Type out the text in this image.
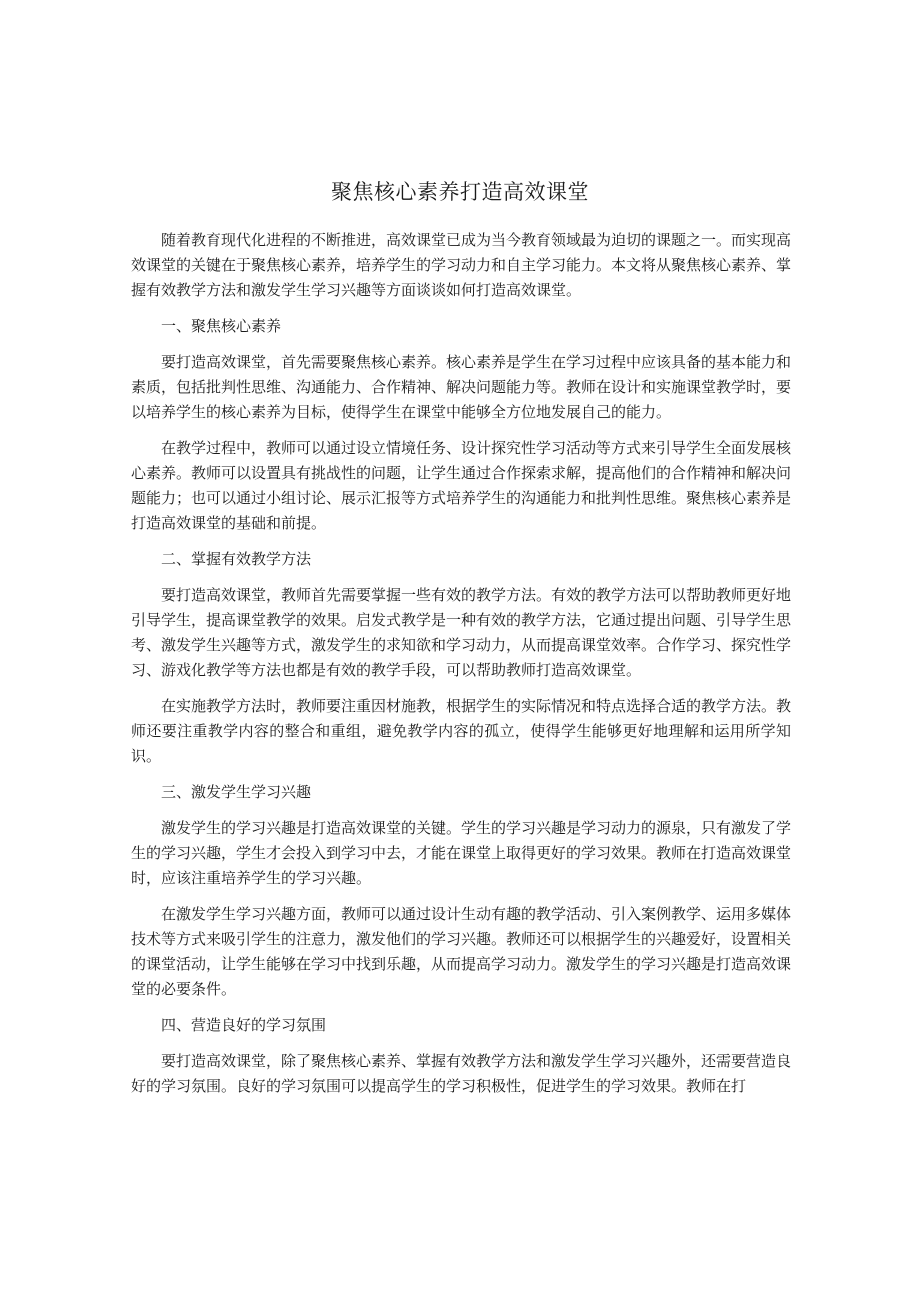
聚焦核心素养打造高效课堂

随着教育现代化进程的不断推进，高效课堂已成为当今教育领域最为迫切的课题之一。而实现高效课堂的关键在于聚焦核心素养，培养学生的学习动力和自主学习能力。本文将从聚焦核心素养、掌握有效教学方法和激发学生学习兴趣等方面谈谈如何打造高效课堂。

一、聚焦核心素养

要打造高效课堂，首先需要聚焦核心素养。核心素养是学生在学习过程中应该具备的基本能力和素质，包括批判性思维、沟通能力、合作精神、解决问题能力等。教师在设计和实施课堂教学时，要以培养学生的核心素养为目标，使得学生在课堂中能够全方位地发展自己的能力。

在教学过程中，教师可以通过设立情境任务、设计探究性学习活动等方式来引导学生全面发展核心素养。教师可以设置具有挑战性的问题，让学生通过合作探索求解，提高他们的合作精神和解决问题能力；也可以通过小组讨论、展示汇报等方式培养学生的沟通能力和批判性思维。聚焦核心素养是打造高效课堂的基础和前提。

二、掌握有效教学方法

要打造高效课堂，教师首先需要掌握一些有效的教学方法。有效的教学方法可以帮助教师更好地引导学生，提高课堂教学的效果。启发式教学是一种有效的教学方法，它通过提出问题、引导学生思考、激发学生兴趣等方式，激发学生的求知欲和学习动力，从而提高课堂效率。合作学习、探究性学习、游戏化教学等方法也都是有效的教学手段，可以帮助教师打造高效课堂。

在实施教学方法时，教师要注重因材施教，根据学生的实际情况和特点选择合适的教学方法。教师还要注重教学内容的整合和重组，避免教学内容的孤立，使得学生能够更好地理解和运用所学知识。

三、激发学生学习兴趣

激发学生的学习兴趣是打造高效课堂的关键。学生的学习兴趣是学习动力的源泉，只有激发了学生的学习兴趣，学生才会投入到学习中去，才能在课堂上取得更好的学习效果。教师在打造高效课堂时，应该注重培养学生的学习兴趣。

在激发学生学习兴趣方面，教师可以通过设计生动有趣的教学活动、引入案例教学、运用多媒体技术等方式来吸引学生的注意力，激发他们的学习兴趣。教师还可以根据学生的兴趣爱好，设置相关的课堂活动，让学生能够在学习中找到乐趣，从而提高学习动力。激发学生的学习兴趣是打造高效课堂的必要条件。

四、营造良好的学习氛围

要打造高效课堂，除了聚焦核心素养、掌握有效教学方法和激发学生学习兴趣外，还需要营造良好的学习氛围。良好的学习氛围可以提高学生的学习积极性，促进学生的学习效果。教师在打
